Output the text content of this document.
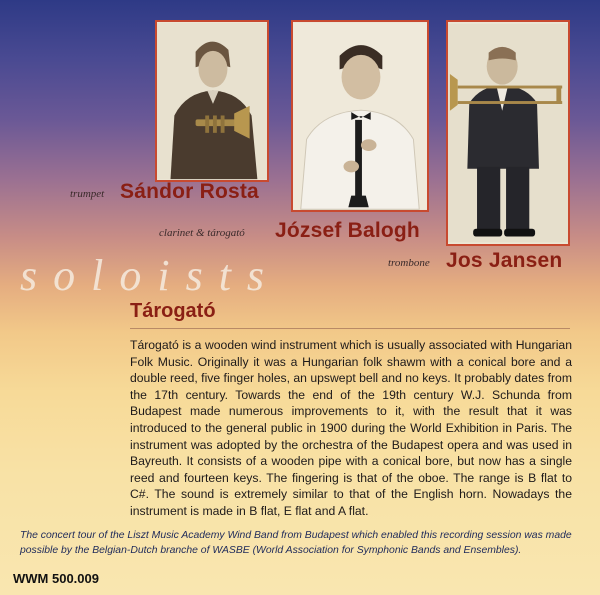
trumpet Sándor Rosta
clarinet & tárogató József Balogh
trombone Jos Jansen
soloists
Tárogató
Tárogató is a wooden wind instrument which is usually associated with Hungarian Folk Music. Originally it was a Hungarian folk shawm with a conical bore and a double reed, five finger holes, an upswept bell and no keys. It probably dates from the 17th century. Towards the end of the 19th century W.J. Schunda from Budapest made numerous improvements to it, with the result that it was introduced to the general public in 1900 during the World Exhibition in Paris. The instrument was adopted by the orchestra of the Budapest opera and was used in Bayreuth. It consists of a wooden pipe with a conical bore, but now has a single reed and fourteen keys. The fingering is that of the oboe. The range is B flat to C#. The sound is extremely similar to that of the English horn. Nowadays the instrument is made in B flat, E flat and A flat.
The concert tour of the Liszt Music Academy Wind Band from Budapest which enabled this recording session was made possible by the Belgian-Dutch branche of WASBE (World Association for Symphonic Bands and Ensembles).
WWM 500.009
